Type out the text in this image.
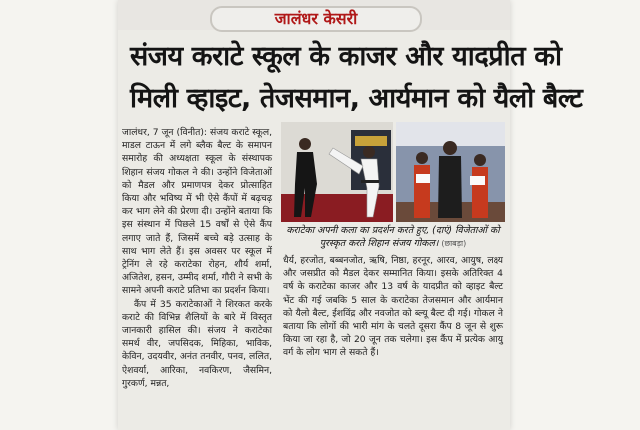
जालंधर केसरी
संजय कराटे स्कूल के काजर और यादप्रीत को
मिली व्हाइट, तेजसमान, आर्यमान को यैलो बैल्ट

जालंधर, 7 जून (विनीत): संजय कराटे स्कूल, माडल टाऊन में लगे ब्लैक बैल्ट के समापन समारोह की अध्यक्षता स्कूल के संस्थापक शिहान संजय गोकल ने की। उन्होंने विजेताओं को मैडल और प्रमाणपत्र देकर प्रोत्साहित किया और भविष्य में भी ऐसे कैंपों में बढ़चढ़ कर भाग लेने की प्रेरणा दी। उन्होंने बताया कि इस संस्थान में पिछले 15 वर्षों से ऐसे कैंप लगाए जाते हैं, जिसमें बच्चे बड़े उत्साह के साथ भाग लेते हैं। इस अवसर पर स्कूल में ट्रेनिंग ले रहे कराटेका रोहन, शौर्य शर्मा, अजितेश, हसन, उम्मीद शर्मा, गौरी ने सभी के सामने अपनी कराटे प्रतिभा का प्रदर्शन किया।

कैंप में 35 कराटेकाओं ने शिरकत करके कराटे की विभिन्न शैलियों के बारे में विस्तृत जानकारी हासिल की। संजय ने कराटेका समर्थ वीर, जपसिदक, मिहिका, भाविक, केविन, उदयवीर, अनंत तनवीर, पनव, ललित, ऐशवर्या, आरिका, नवकिरण, जैसमिन, गुरकर्ण, मन्नत,

कराटेका अपनी कला का प्रदर्शन करते हुए, (दाएं) विजेताओं को पुरस्कृत करते शिहान संजय गोकल। (छाबड़ा)

धैर्य, हरजोत, बब्बनजोत, ऋषि, निष्ठा, हरनूर, आरव, आयुष, लक्ष्य और जसप्रीत को मैडल देकर सम्मानित किया। इसके अतिरिक्त 4 वर्ष के कराटेका काजर और 13 वर्ष के यादप्रीत को व्हाइट बैल्ट भेंट की गई जबकि 5 साल के कराटेका तेजसमान और आर्यमान को यैलो बैल्ट, ईशविंद्र और नवजोत को ब्ल्यू बैल्ट दी गई। गोकल ने बताया कि लोगों की भारी मांग के चलते दूसरा कैंप 8 जून से शुरू किया जा रहा है, जो 20 जून तक चलेगा। इस कैंप में प्रत्येक आयु वर्ग के लोग भाग ले सकते हैं।
